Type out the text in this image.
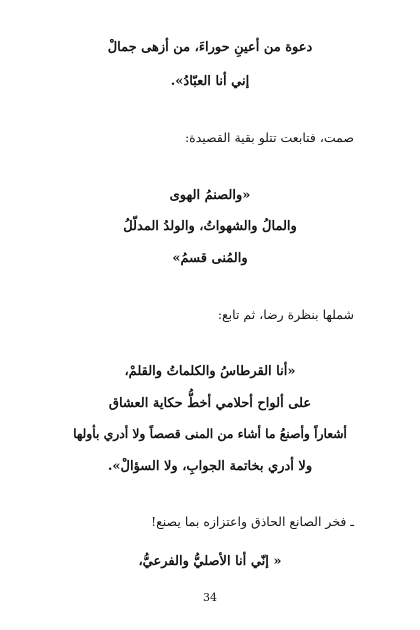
دعوة من أعينِ حوراءَ، من أزهى جمالْ
إني أنا العبّادُ».
صمت، فتابعت تتلو بقية القصيدة:
«والصنمُ الهوى
والمالُ والشهواتُ، والولدُ المدلّلُ
والمُنى قسمُ»
شملها بنظرة رضا، ثم تابع:
«أنا القرطاسُ والكلماتُ والقلمْ،
على ألواح أحلامي أخطُّ حكاية العشاق
أشعاراً وأصنعُ ما أشاء من المنى قصصاً ولا أدري بأولها
ولا أدري بخاتمة الجوابِ، ولا السؤالْ».
ـ فخر الصانع الحاذق واعتزازه بما يصنع!
« إنّي أنا الأصليُّ والفرعيُّ،
34
